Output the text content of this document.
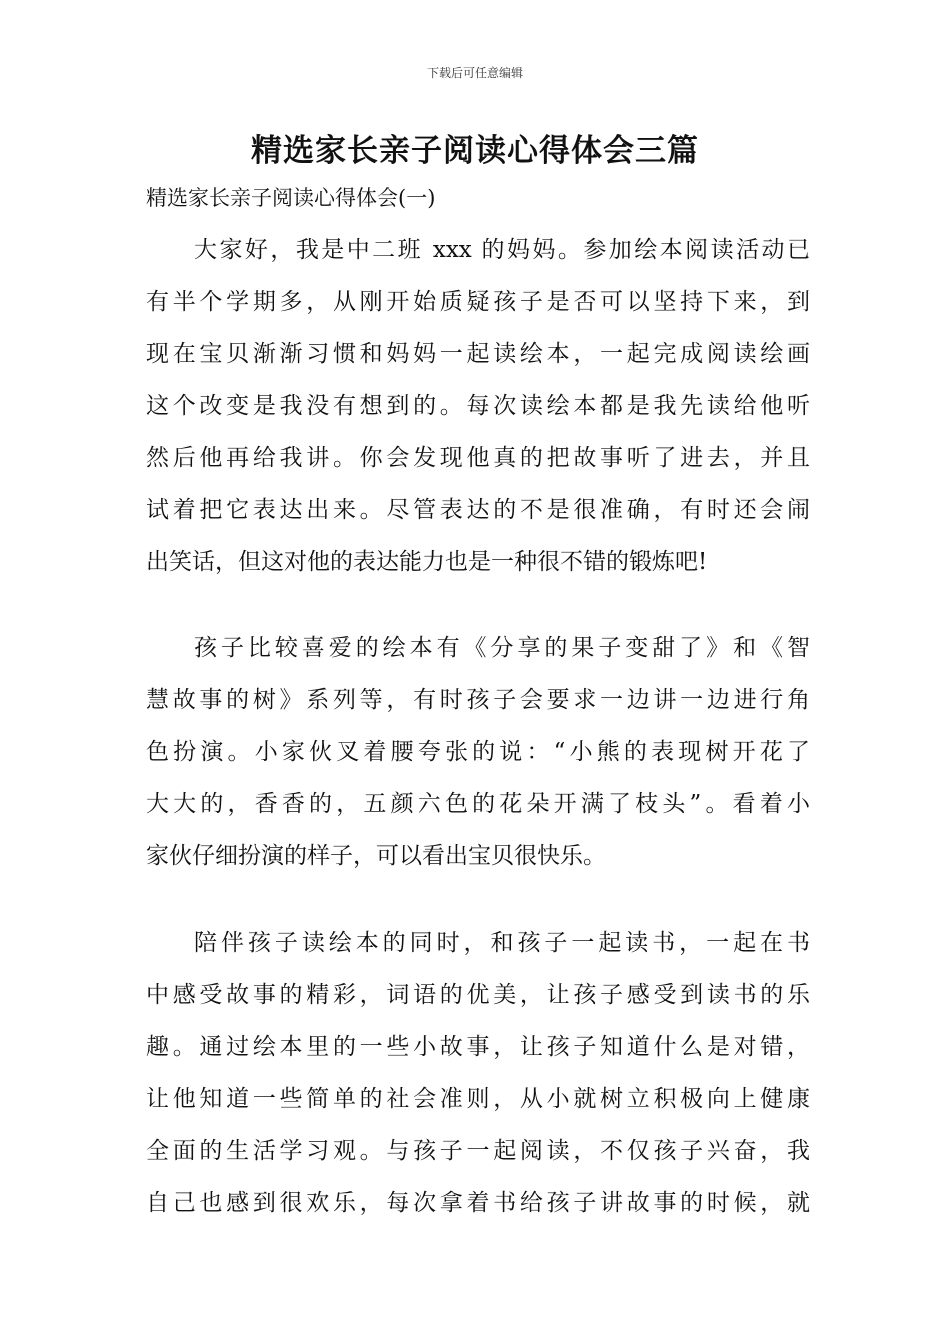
下载后可任意编辑
精选家长亲子阅读心得体会三篇
精选家长亲子阅读心得体会(一)
大家好，我是中二班 xxx 的妈妈。参加绘本阅读活动已
有半个学期多，从刚开始质疑孩子是否可以坚持下来，到
现在宝贝渐渐习惯和妈妈一起读绘本，一起完成阅读绘画
这个改变是我没有想到的。每次读绘本都是我先读给他听
然后他再给我讲。你会发现他真的把故事听了进去，并且
试着把它表达出来。尽管表达的不是很准确，有时还会闹
出笑话，但这对他的表达能力也是一种很不错的锻炼吧!
孩子比较喜爱的绘本有《分享的果子变甜了》和《智
慧故事的树》系列等，有时孩子会要求一边讲一边进行角
色扮演。小家伙叉着腰夸张的说：“小熊的表现树开花了
大大的，香香的，五颜六色的花朵开满了枝头”。看着小
家伙仔细扮演的样子，可以看出宝贝很快乐。
陪伴孩子读绘本的同时，和孩子一起读书，一起在书
中感受故事的精彩，词语的优美，让孩子感受到读书的乐
趣。通过绘本里的一些小故事，让孩子知道什么是对错，
让他知道一些简单的社会准则，从小就树立积极向上健康
全面的生活学习观。与孩子一起阅读，不仅孩子兴奋，我
自己也感到很欢乐，每次拿着书给孩子讲故事的时候，就
